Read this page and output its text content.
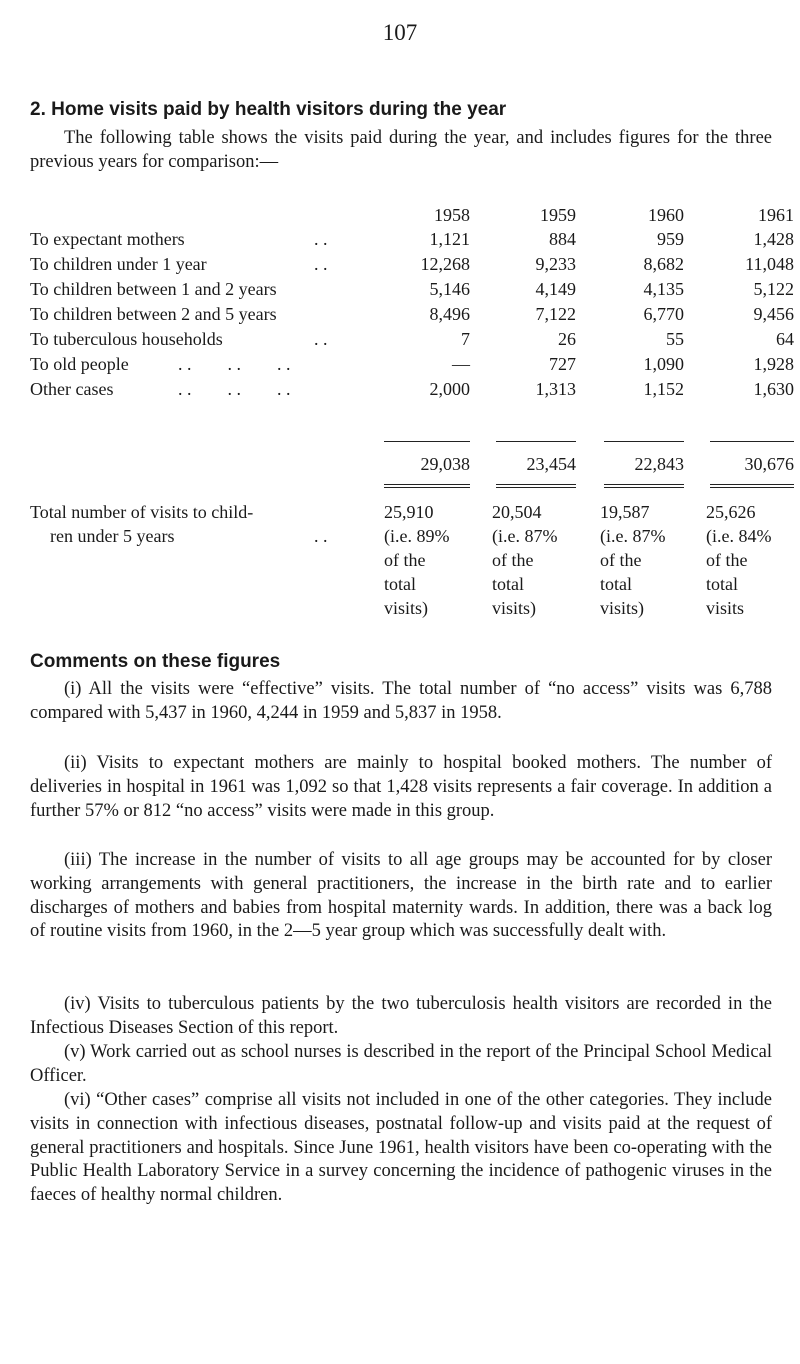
107
2. Home visits paid by health visitors during the year
The following table shows the visits paid during the year, and includes figures for the three previous years for comparison:—
1958	1959	1960	1961
To expectant mothers	. .	1,121	884	959	1,428
To children under 1 year	. .	12,268	9,233	8,682	11,048
To children between 1 and 2 years	5,146	4,149	4,135	5,122
To children between 2 and 5 years	8,496	7,122	6,770	9,456
To tuberculous households	. .	7	26	55	64
To old people	. .        . .        . .	—	727	1,090	1,928
Other cases	. .        . .        . .	2,000	1,313	1,152	1,630
29,038	23,454	22,843	30,676
Total number of visits to child-
ren under 5 years	. .
25,910	20,504	19,587	25,626
(i.e. 89% (i.e. 87% (i.e. 87% (i.e. 84%
of the	of the	of the	of the
total	total	total	total
visits)	visits)	visits)	visits
Comments on these figures
(i) All the visits were “effective” visits. The total number of “no access” visits was 6,788 compared with 5,437 in 1960, 4,244 in 1959 and 5,837 in 1958.
(ii) Visits to expectant mothers are mainly to hospital booked mothers. The number of deliveries in hospital in 1961 was 1,092 so that 1,428 visits represents a fair coverage. In addition a further 57% or 812 “no access” visits were made in this group.
(iii) The increase in the number of visits to all age groups may be accounted for by closer working arrangements with general practitioners, the increase in the birth rate and to earlier discharges of mothers and babies from hospital maternity wards. In addition, there was a back log of routine visits from 1960, in the 2—5 year group which was successfully dealt with.
(iv) Visits to tuberculous patients by the two tuberculosis health visitors are recorded in the Infectious Diseases Section of this report.
(v) Work carried out as school nurses is described in the report of the Principal School Medical Officer.
(vi) “Other cases” comprise all visits not included in one of the other categories. They include visits in connection with infectious diseases, postnatal follow-up and visits paid at the request of general practitioners and hospitals. Since June 1961, health visitors have been co-operating with the Public Health Laboratory Service in a survey concerning the incidence of pathogenic viruses in the faeces of healthy normal children.
